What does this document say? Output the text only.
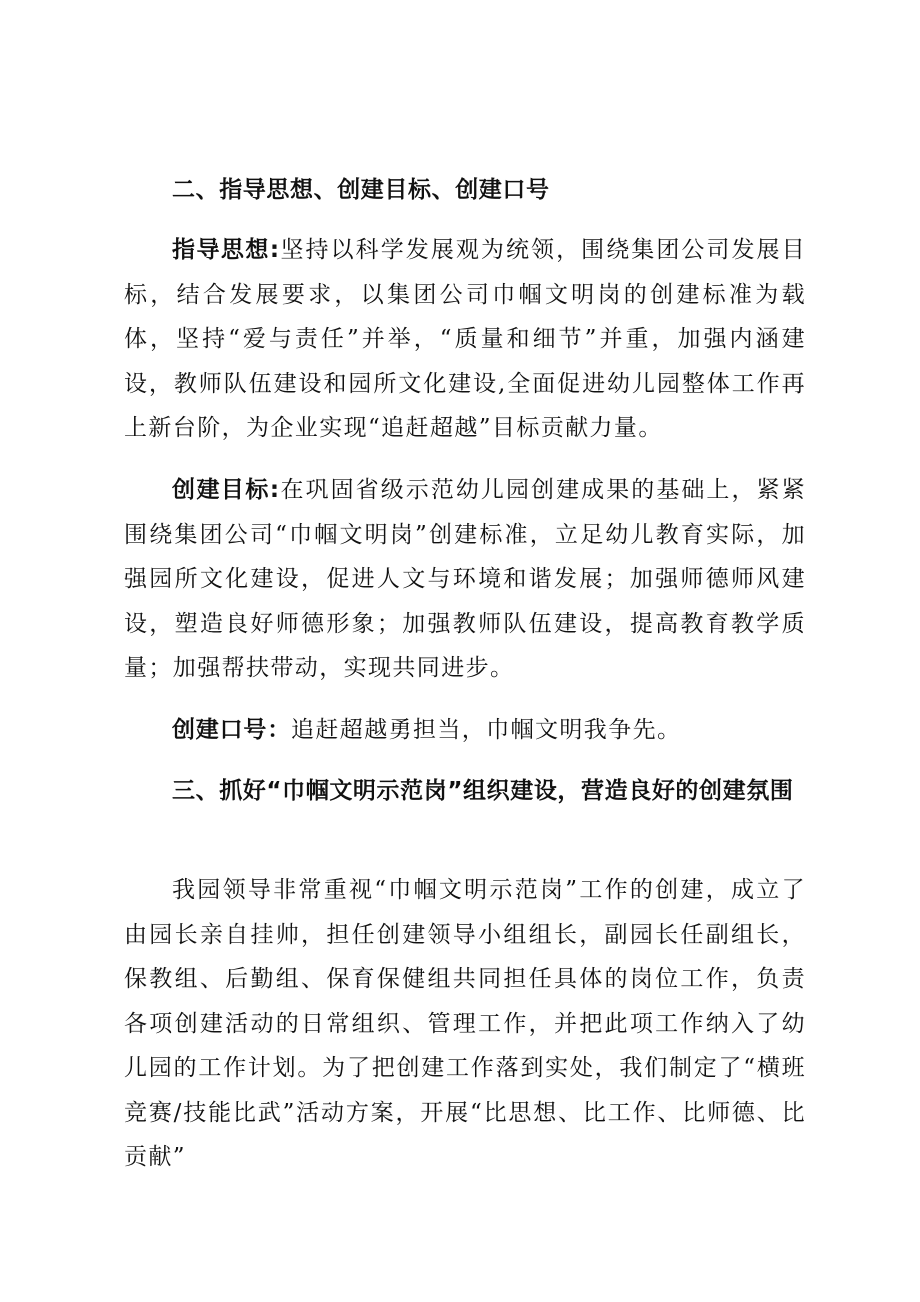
二、指导思想、创建目标、创建口号
指导思想:坚持以科学发展观为统领，围绕集团公司发展目标，结合发展要求，以集团公司巾帼文明岗的创建标准为载体，坚持“爱与责任”并举，“质量和细节”并重，加强内涵建设，教师队伍建设和园所文化建设,全面促进幼儿园整体工作再上新台阶，为企业实现“追赶超越”目标贡献力量。
创建目标:在巩固省级示范幼儿园创建成果的基础上，紧紧围绕集团公司“巾帼文明岗”创建标准，立足幼儿教育实际，加强园所文化建设，促进人文与环境和谐发展；加强师德师风建设，塑造良好师德形象；加强教师队伍建设，提高教育教学质量；加强帮扶带动，实现共同进步。
创建口号：追赶超越勇担当，巾帼文明我争先。
三、抓好“巾帼文明示范岗”组织建设，营造良好的创建氛围
我园领导非常重视“巾帼文明示范岗”工作的创建，成立了由园长亲自挂帅，担任创建领导小组组长，副园长任副组长，保教组、后勤组、保育保健组共同担任具体的岗位工作，负责各项创建活动的日常组织、管理工作，并把此项工作纳入了幼儿园的工作计划。为了把创建工作落到实处，我们制定了“横班竞赛/技能比武”活动方案，开展“比思想、比工作、比师德、比贡献”
